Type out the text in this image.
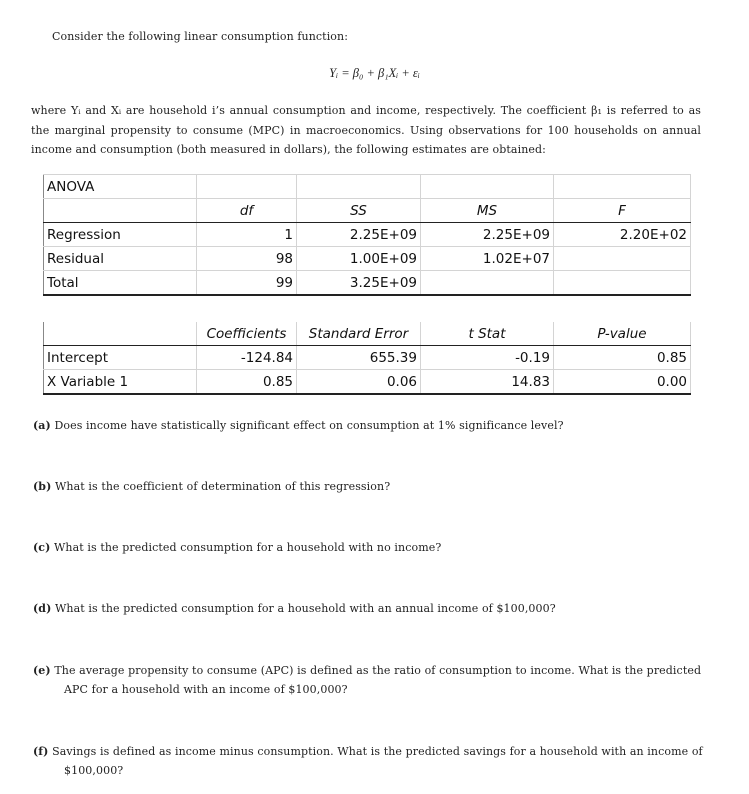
Consider the following linear consumption function:
Yᵢ = β₀ + β₁Xᵢ + εᵢ
where Yᵢ and Xᵢ are household i’s annual consumption and income, respectively. The coefficient β₁ is referred to as the marginal propensity to consume (MPC) in macroeconomics. Using observations for 100 households on annual income and consumption (both measured in dollars), the following estimates are obtained:
ANOVA				
	df	SS	MS	F
Regression	1	2.25E+09	2.25E+09	2.20E+02
Residual	98	1.00E+09	1.02E+07	
Total	99	3.25E+09		
	Coefficients	Standard Error	t Stat	P-value
Intercept	-124.84	655.39	-0.19	0.85
X Variable 1	0.85	0.06	14.83	0.00
(a) Does income have statistically significant effect on consumption at 1% significance level?
(b) What is the coefficient of determination of this regression?
(c) What is the predicted consumption for a household with no income?
(d) What is the predicted consumption for a household with an annual income of $100,000?
(e) The average propensity to consume (APC) is defined as the ratio of consumption to income. What is the predicted APC for a household with an income of $100,000?
(f) Savings is defined as income minus consumption. What is the predicted savings for a household with an income of $100,000?
